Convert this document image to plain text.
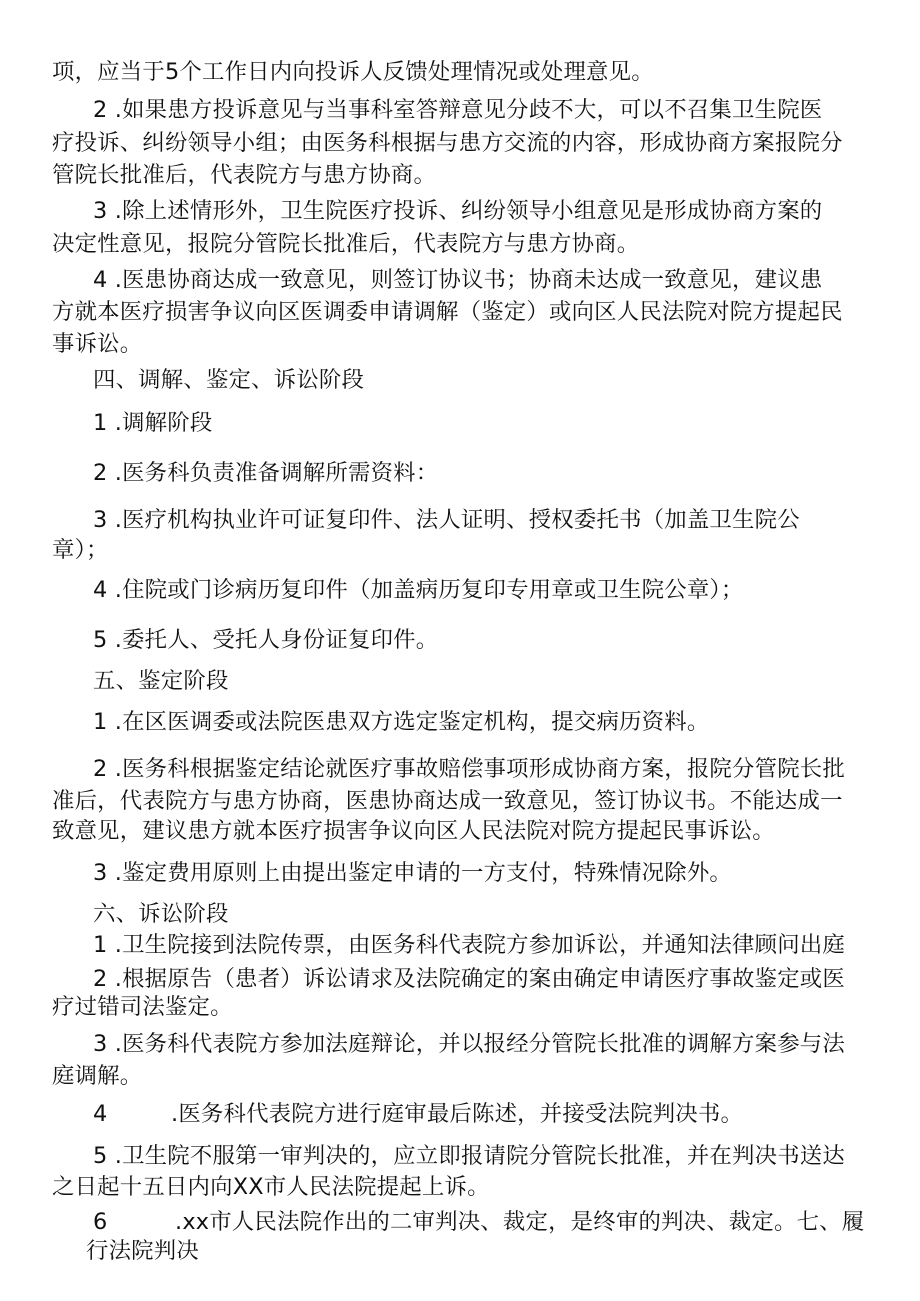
项，应当于5个工作日内向投诉人反馈处理情况或处理意见。
2 .如果患方投诉意见与当事科室答辩意见分歧不大，可以不召集卫生院医
疗投诉、纠纷领导小组；由医务科根据与患方交流的内容，形成协商方案报院分
管院长批准后，代表院方与患方协商。
3 .除上述情形外，卫生院医疗投诉、纠纷领导小组意见是形成协商方案的
决定性意见，报院分管院长批准后，代表院方与患方协商。
4 .医患协商达成一致意见，则签订协议书；协商未达成一致意见，建议患
方就本医疗损害争议向区医调委申请调解（鉴定）或向区人民法院对院方提起民
事诉讼。
四、调解、鉴定、诉讼阶段
1 .调解阶段
2 .医务科负责准备调解所需资料：
3 .医疗机构执业许可证复印件、法人证明、授权委托书（加盖卫生院公
章）；
4 .住院或门诊病历复印件（加盖病历复印专用章或卫生院公章）；
5 .委托人、受托人身份证复印件。
五、鉴定阶段
1 .在区医调委或法院医患双方选定鉴定机构，提交病历资料。
2 .医务科根据鉴定结论就医疗事故赔偿事项形成协商方案，报院分管院长批
准后，代表院方与患方协商，医患协商达成一致意见，签订协议书。不能达成一
致意见，建议患方就本医疗损害争议向区人民法院对院方提起民事诉讼。
3 .鉴定费用原则上由提出鉴定申请的一方支付，特殊情况除外。
六、诉讼阶段
1 .卫生院接到法院传票，由医务科代表院方参加诉讼，并通知法律顾问出庭
2 .根据原告（患者）诉讼请求及法院确定的案由确定申请医疗事故鉴定或医
疗过错司法鉴定。
3 .医务科代表院方参加法庭辩论，并以报经分管院长批准的调解方案参与法
庭调解。
4	.医务科代表院方进行庭审最后陈述，并接受法院判决书。
5 .卫生院不服第一审判决的，应立即报请院分管院长批准，并在判决书送达
之日起十五日内向XX市人民法院提起上诉。
6	.xx市人民法院作出的二审判决、裁定，是终审的判决、裁定。七、履
行法院判决
